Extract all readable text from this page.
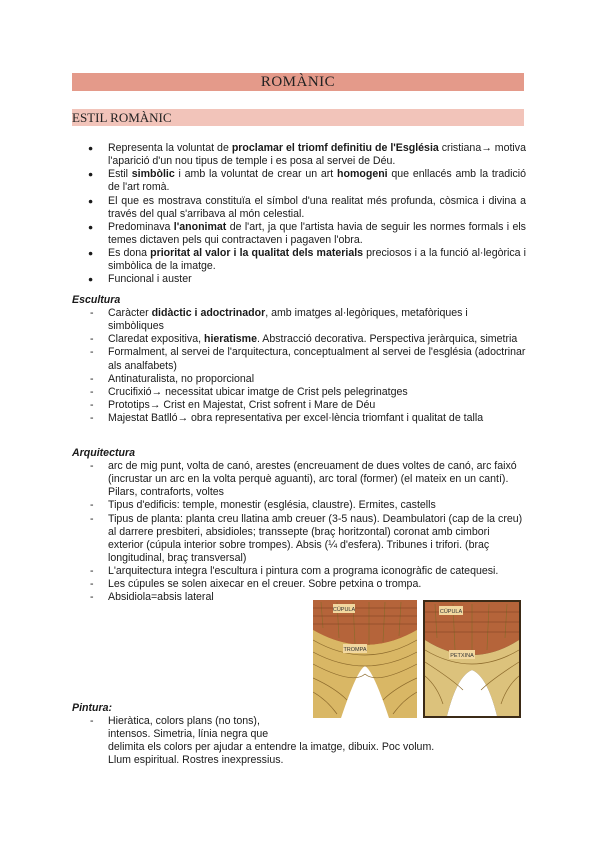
ROMÀNIC
ESTIL ROMÀNIC
● Representa la voluntat de proclamar el triomf definitiu de l'Església cristiana→ motiva l'aparició d'un nou tipus de temple i es posa al servei de Déu.
● Estil simbòlic i amb la voluntat de crear un art homogeni que enllacés amb la tradició de l'art romà.
● El que es mostrava constituïa el símbol d'una realitat més profunda, còsmica i divina a través del qual s'arribava al món celestial.
● Predominava l'anonimat de l'art, ja que l'artista havia de seguir les normes formals i els temes dictaven pels qui contractaven i pagaven l'obra.
● Es dona prioritat al valor i la qualitat dels materials preciosos i a la funció al·legòrica i simbòlica de la imatge.
● Funcional i auster
Escultura
- Caràcter didàctic i adoctrinador, amb imatges al·legòriques, metafòriques i simbòliques
- Claredat expositiva, hieratisme. Abstracció decorativa. Perspectiva jeràrquica, simetria
- Formalment, al servei de l'arquitectura, conceptualment al servei de l'església (adoctrinar als analfabets)
- Antinaturalista, no proporcional
- Crucifixió→ necessitat ubicar imatge de Crist pels pelegrinatges
- Prototips→ Crist en Majestat, Crist sofrent i Mare de Déu
- Majestat Batlló→ obra representativa per excel·lència triomfant i qualitat de talla
Arquitectura
- arc de mig punt, volta de canó, arestes (encreuament de dues voltes de canó, arc faixó (incrustar un arc en la volta perquè aguanti), arc toral (former) (el mateix en un cantí). Pilars, contraforts, voltes
- Tipus d'edificis: temple, monestir (església, claustre). Ermites, castells
- Tipus de planta: planta creu llatina amb creuer (3-5 naus). Deambulatori (cap de la creu) al darrere presbiteri, absidioles; transsepte (braç horitzontal) coronat amb cimbori exterior (cúpula interior sobre trompes). Absis (¼ d'esfera). Tribunes i trifori. (braç longitudinal, braç transversal)
- L'arquitectura integra l'escultura i pintura com a programa iconogràfic de catequesi.
- Les cúpules se solen aixecar en el creuer. Sobre petxina o trompa.
- Absidiola=absis lateral
CÚPULA
TROMPA
CÚPULA
PETXINA
Pintura:
- Hieràtica, colors plans (no tons),
intensos. Simetria, línia negra que
delimita els colors per ajudar a entendre la imatge, dibuix. Poc volum. Llum espiritual. Rostres inexpressius.
